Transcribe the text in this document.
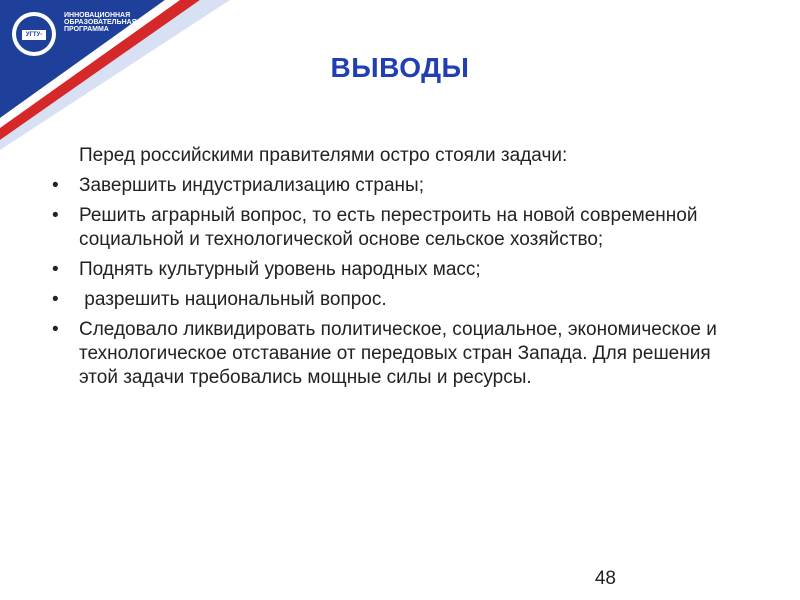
ИННОВАЦИОННАЯ
ОБРАЗОВАТЕЛЬНАЯ
ПРОГРАММА
УГТУ-УПИ
ВЫВОДЫ
Перед российскими правителями остро стояли задачи:
•	Завершить индустриализацию страны;
•	Решить аграрный вопрос, то есть перестроить на новой современной социальной и технологической основе сельское хозяйство;
•	Поднять культурный уровень народных масс;
•	разрешить национальный вопрос.
•	Следовало ликвидировать политическое, социальное, экономическое и технологическое отставание от передовых стран Запада. Для решения этой задачи требовались мощные силы и ресурсы.
48
